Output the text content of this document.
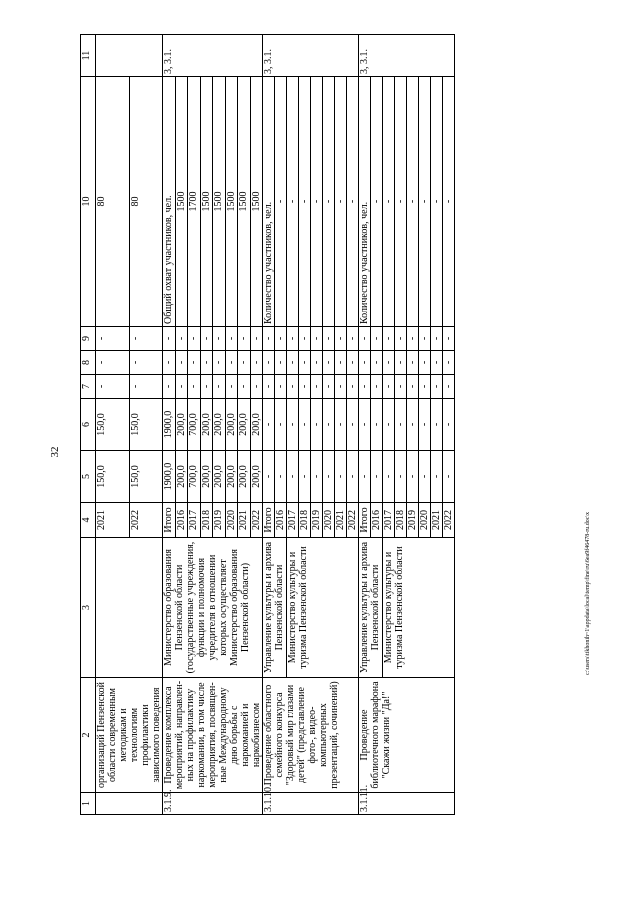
32
1	2	3	4	5	6	7	8	9	10	11
	организаций Пензенской области современным методикам и технологиям профилактики зависимого поведения		2021	150,0	150,0	-	-	-	80	
			2022	150,0	150,0	-	-	-	80	
3.1.9.	Проведение комплекса мероприятий, направлен-ных на профилактику наркомании, в том числе мероприятия, посвящен-ные Международному дню борьбы с наркоманией и наркобизнесом	Министерство образования Пензенской области (государственные учреждения, функции и полномочия учредителя в отношении которых осуществляет Министерство образования Пензенской области)	Итого	1900,0	1900,0	-	-	-	Общий охват участников, чел.	3, 3.1.
			2016	200,0	200,0	-	-	-	1500	
			2017	700,0	700,0	-	-	-	1700	
			2018	200,0	200,0	-	-	-	1500	
			2019	200,0	200,0	-	-	-	1500	
			2020	200,0	200,0	-	-	-	1500	
			2021	200,0	200,0	-	-	-	1500	
			2022	200,0	200,0	-	-	-	1500	
3.1.10.	Проведение областного семейного конкурса "Здоровый мир глазами детей" (представление фото-, видео-компьютерных презентаций, сочинений)	Управление культуры и архива Пензенской области	Итого	-	-	-	-	-	Количество участников, чел.	3, 3.1.
			2016	-	-	-	-	-	-	
		Министерство культуры и туризма Пензенской области	2017	-	-	-	-	-	-	
			2018	-	-	-	-	-	-	
			2019	-	-	-	-	-	-	
			2020	-	-	-	-	-	-	
			2021	-	-	-	-	-	-	
			2022	-	-	-	-	-	-	
3.1.11.	Проведение библиотечного марафона "Скажи жизни "Да!"	Управление культуры и архива Пензенской области	Итого	-	-	-	-	-	Количество участников, чел.	3, 3.1.
			2016	-	-	-	-	-	-	
		Министерство культуры и туризма Пензенской области	2017	-	-	-	-	-	-	
			2018	-	-	-	-	-	-	
			2019	-	-	-	-	-	-	
			2020	-	-	-	-	-	-	
			2021	-	-	-	-	-	-	
			2022	-	-	-	-	-	-	
c:\users\tikhonih~1\appdata\local\temp\fine\ru\6ea9f46478-ru.doc\x
